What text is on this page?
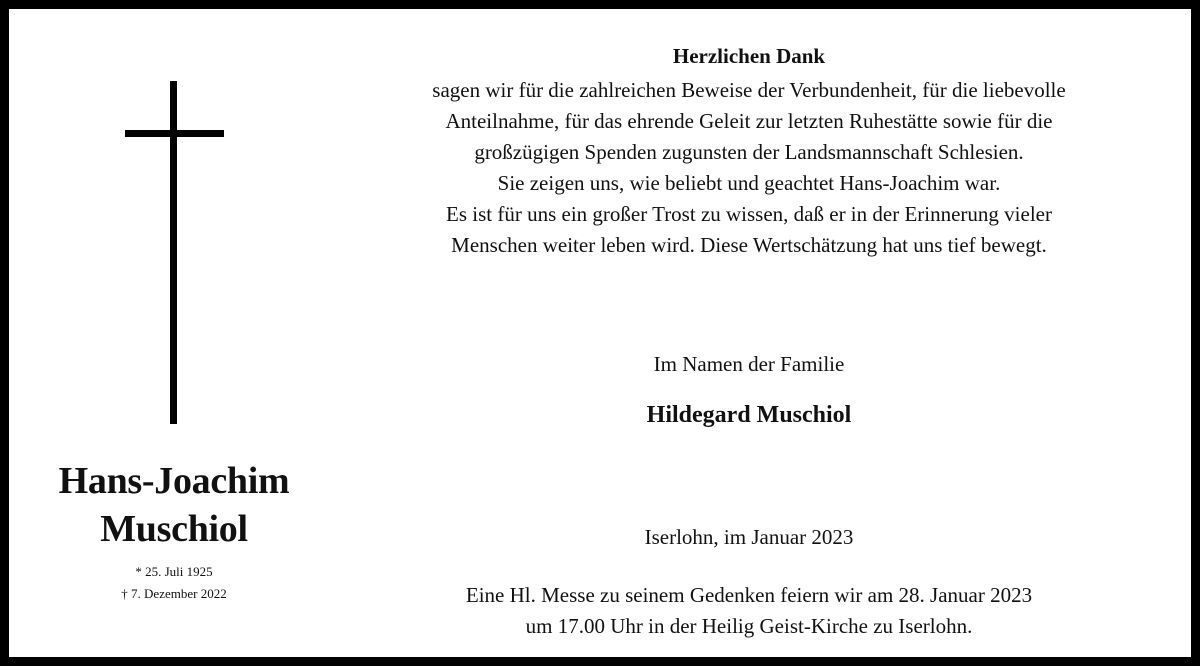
Hans-Joachim
Muschiol
* 25. Juli 1925
† 7. Dezember 2022
Herzlichen Dank
sagen wir für die zahlreichen Beweise der Verbundenheit, für die liebevolle
Anteilnahme, für das ehrende Geleit zur letzten Ruhestätte sowie für die
großzügigen Spenden zugunsten der Landsmannschaft Schlesien.
Sie zeigen uns, wie beliebt und geachtet Hans-Joachim war.
Es ist für uns ein großer Trost zu wissen, daß er in der Erinnerung vieler
Menschen weiter leben wird. Diese Wertschätzung hat uns tief bewegt.
Im Namen der Familie
Hildegard Muschiol
Iserlohn, im Januar 2023
Eine Hl. Messe zu seinem Gedenken feiern wir am 28. Januar 2023
um 17.00 Uhr in der Heilig Geist-Kirche zu Iserlohn.
